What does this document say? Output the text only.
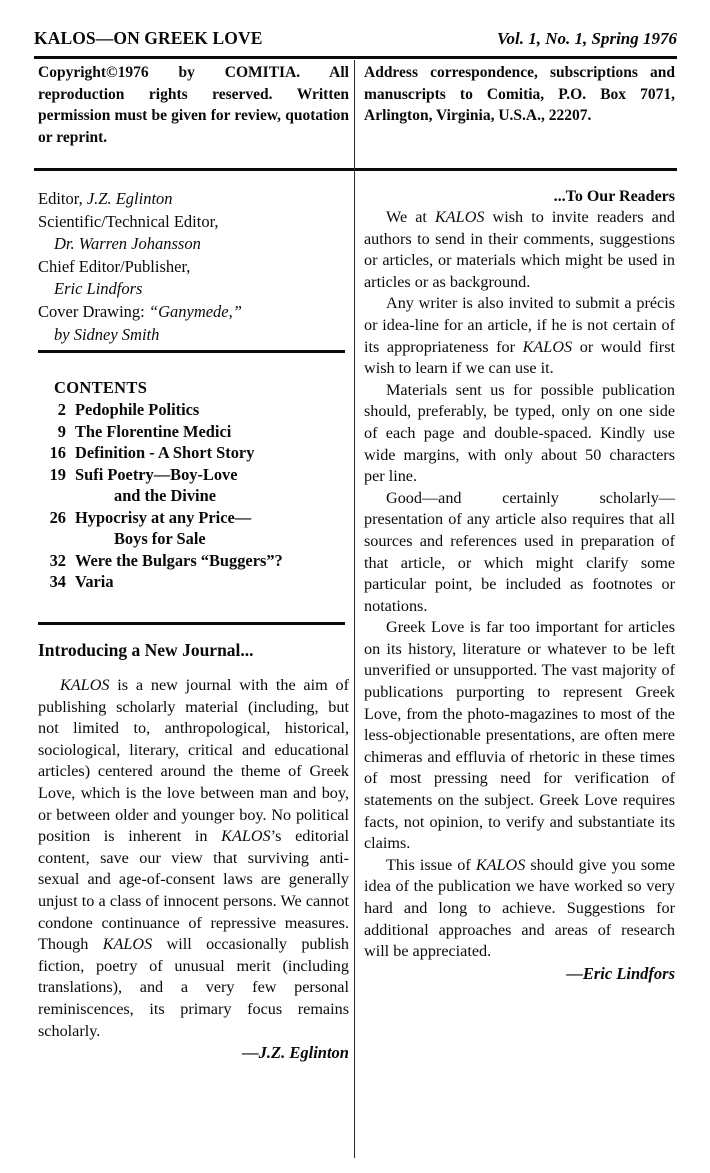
KALOS—ON GREEK LOVE	Vol. 1, No. 1, Spring 1976
Copyright©1976 by COMITIA. All reproduction rights reserved. Written permission must be given for review, quotation or reprint.
Address correspondence, subscriptions and manuscripts to Comitia, P.O. Box 7071, Arlington, Virginia, U.S.A., 22207.
Editor, J.Z. Eglinton
Scientific/Technical Editor,
Dr. Warren Johansson
Chief Editor/Publisher,
Eric Lindfors
Cover Drawing: “Ganymede,”
by Sidney Smith
CONTENTS
2 Pedophile Politics
9 The Florentine Medici
16 Definition - A Short Story
19 Sufi Poetry—Boy-Love
and the Divine
26 Hypocrisy at any Price—
Boys for Sale
32 Were the Bulgars “Buggers”?
34 Varia
Introducing a New Journal...

KALOS is a new journal with the aim of publishing scholarly material (including, but not limited to, anthropological, historical, sociological, literary, critical and educational articles) centered around the theme of Greek Love, which is the love between man and boy, or between older and younger boy. No political position is inherent in KALOS’s editorial content, save our view that surviving anti-sexual and age-of-consent laws are generally unjust to a class of innocent persons. We cannot condone continuance of repressive measures. Though KALOS will occasionally publish fiction, poetry of unusual merit (including translations), and a very few personal reminiscences, its primary focus remains scholarly.

—J.Z. Eglinton
...To Our Readers

We at KALOS wish to invite readers and authors to send in their comments, suggestions or articles, or materials which might be used in articles or as background.

Any writer is also invited to submit a précis or idea-line for an article, if he is not certain of its appropriateness for KALOS or would first wish to learn if we can use it.

Materials sent us for possible publication should, preferably, be typed, only on one side of each page and double-spaced. Kindly use wide margins, with only about 50 characters per line.

Good—and certainly scholarly—presentation of any article also requires that all sources and references used in preparation of that article, or which might clarify some particular point, be included as footnotes or notations.

Greek Love is far too important for articles on its history, literature or whatever to be left unverified or unsupported. The vast majority of publications purporting to represent Greek Love, from the photo-magazines to most of the less-objectionable presentations, are often mere chimeras and effluvia of rhetoric in these times of most pressing need for verification of statements on the subject. Greek Love requires facts, not opinion, to verify and substantiate its claims.

This issue of KALOS should give you some idea of the publication we have worked so very hard and long to achieve. Suggestions for additional approaches and areas of research will be appreciated.

—Eric Lindfors
